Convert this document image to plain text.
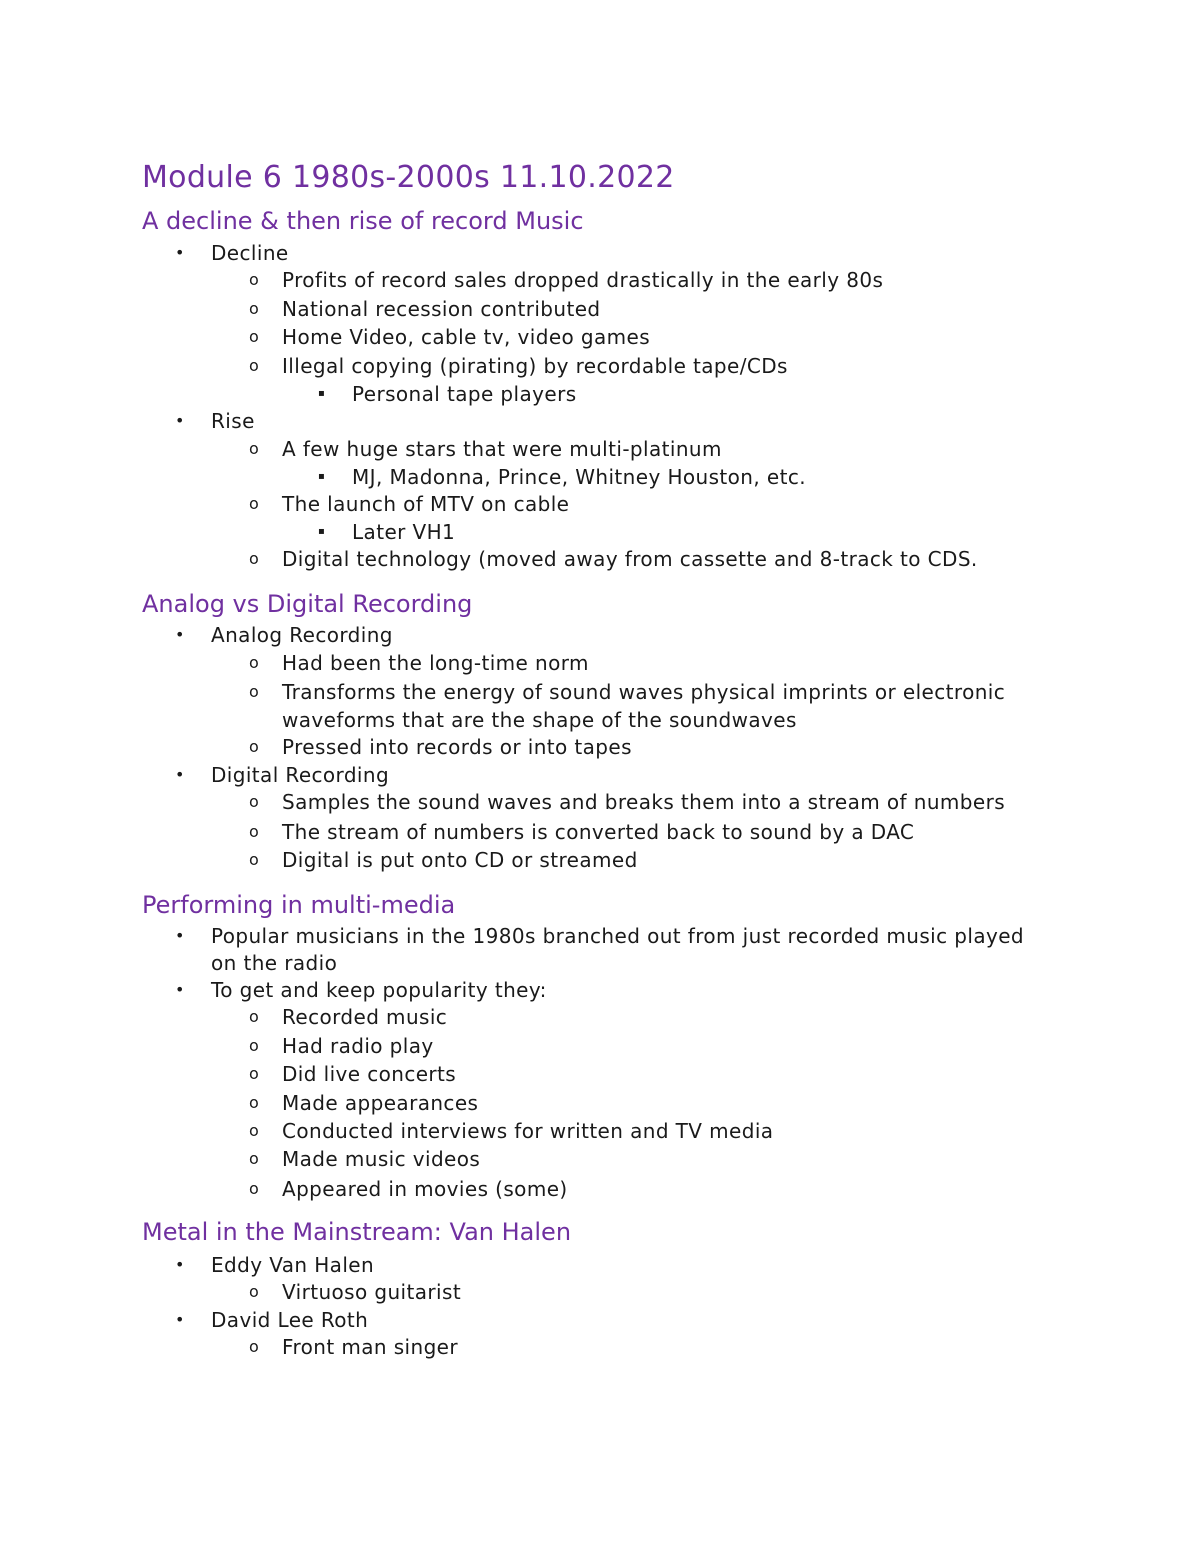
Module 6 1980s-2000s 11.10.2022
A decline & then rise of record Music
• Decline
o Profits of record sales dropped drastically in the early 80s
o National recession contributed
o Home Video, cable tv, video games
o Illegal copying (pirating) by recordable tape/CDs
▪ Personal tape players
• Rise
o A few huge stars that were multi-platinum
▪ MJ, Madonna, Prince, Whitney Houston, etc.
o The launch of MTV on cable
▪ Later VH1
o Digital technology (moved away from cassette and 8-track to CDS.
Analog vs Digital Recording
• Analog Recording
o Had been the long-time norm
o Transforms the energy of sound waves physical imprints or electronic
waveforms that are the shape of the soundwaves
o Pressed into records or into tapes
• Digital Recording
o Samples the sound waves and breaks them into a stream of numbers
o The stream of numbers is converted back to sound by a DAC
o Digital is put onto CD or streamed
Performing in multi-media
• Popular musicians in the 1980s branched out from just recorded music played
on the radio
• To get and keep popularity they:
o Recorded music
o Had radio play
o Did live concerts
o Made appearances
o Conducted interviews for written and TV media
o Made music videos
o Appeared in movies (some)
Metal in the Mainstream: Van Halen
• Eddy Van Halen
o Virtuoso guitarist
• David Lee Roth
o Front man singer
